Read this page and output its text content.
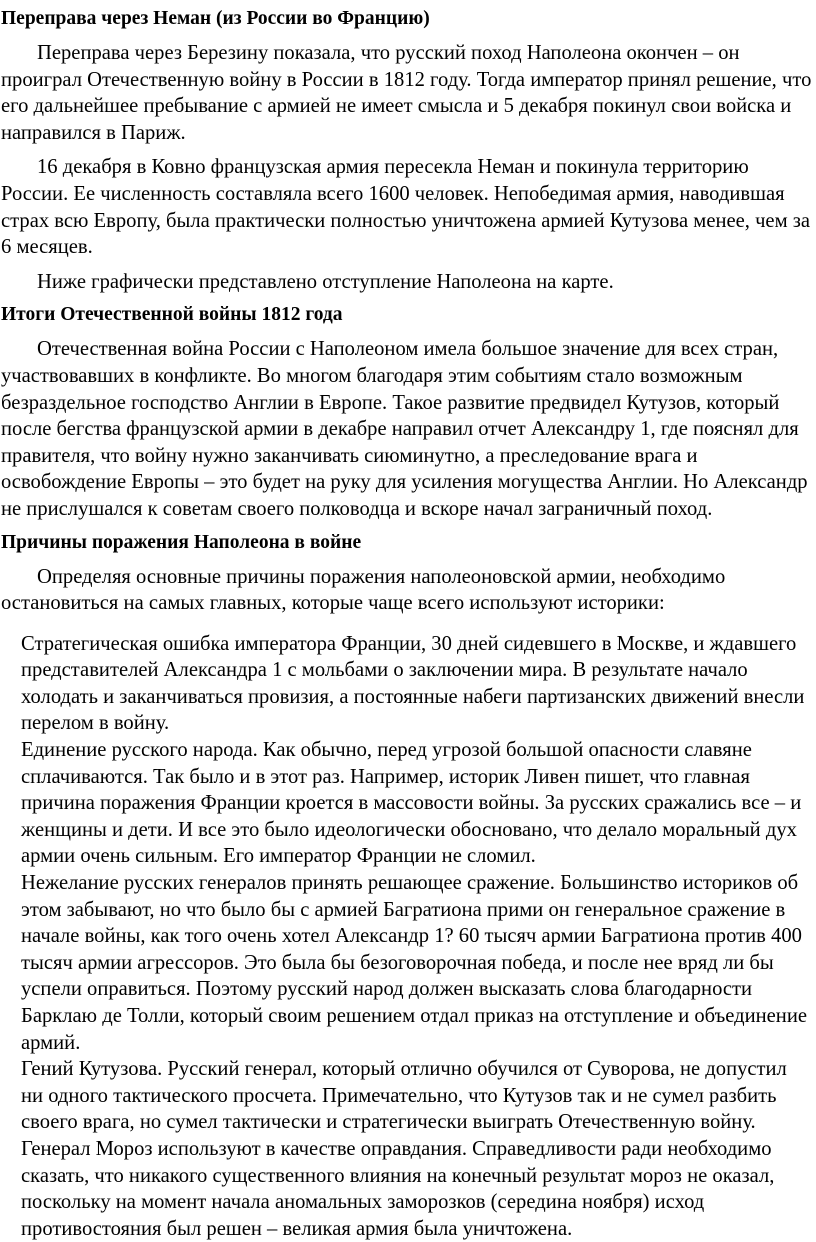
Переправа через Неман (из России во Францию)

Переправа через Березину показала, что русский поход Наполеона окончен – он проиграл Отечественную войну в России в 1812 году. Тогда император принял решение, что его дальнейшее пребывание с армией не имеет смысла и 5 декабря покинул свои войска и направился в Париж.

16 декабря в Ковно французская армия пересекла Неман и покинула территорию России. Ее численность составляла всего 1600 человек. Непобедимая армия, наводившая страх всю Европу, была практически полностью уничтожена армией Кутузова менее, чем за 6 месяцев.

Ниже графически представлено отступление Наполеона на карте.

Итоги Отечественной войны 1812 года

Отечественная война России с Наполеоном имела большое значение для всех стран, участвовавших в конфликте. Во многом благодаря этим событиям стало возможным безраздельное господство Англии в Европе. Такое развитие предвидел Кутузов, который после бегства французской армии в декабре направил отчет Александру 1, где пояснял для правителя, что войну нужно заканчивать сиюминутно, а преследование врага и освобождение Европы – это будет на руку для усиления могущества Англии. Но Александр не прислушался к советам своего полководца и вскоре начал заграничный поход.

Причины поражения Наполеона в войне

Определяя основные причины поражения наполеоновской армии, необходимо остановиться на самых главных, которые чаще всего используют историки:

Стратегическая ошибка императора Франции, 30 дней сидевшего в Москве, и ждавшего представителей Александра 1 с мольбами о заключении мира. В результате начало холодать и заканчиваться провизия, а постоянные набеги партизанских движений внесли перелом в войну.
Единение русского народа. Как обычно, перед угрозой большой опасности славяне сплачиваются. Так было и в этот раз. Например, историк Ливен пишет, что главная причина поражения Франции кроется в массовости войны. За русских сражались все – и женщины и дети. И все это было идеологически обосновано, что делало моральный дух армии очень сильным. Его император Франции не сломил.
Нежелание русских генералов принять решающее сражение. Большинство историков об этом забывают, но что было бы с армией Багратиона прими он генеральное сражение в начале войны, как того очень хотел Александр 1? 60 тысяч армии Багратиона против 400 тысяч армии агрессоров. Это была бы безоговорочная победа, и после нее вряд ли бы успели оправиться. Поэтому русский народ должен высказать слова благодарности Барклаю де Толли, который своим решением отдал приказ на отступление и объединение армий.
Гений Кутузова. Русский генерал, который отлично обучился от Суворова, не допустил ни одного тактического просчета. Примечательно, что Кутузов так и не сумел разбить своего врага, но сумел тактически и стратегически выиграть Отечественную войну.
Генерал Мороз используют в качестве оправдания. Справедливости ради необходимо сказать, что никакого существенного влияния на конечный результат мороз не оказал, поскольку на момент начала аномальных заморозков (середина ноября) исход противостояния был решен – великая армия была уничтожена.
